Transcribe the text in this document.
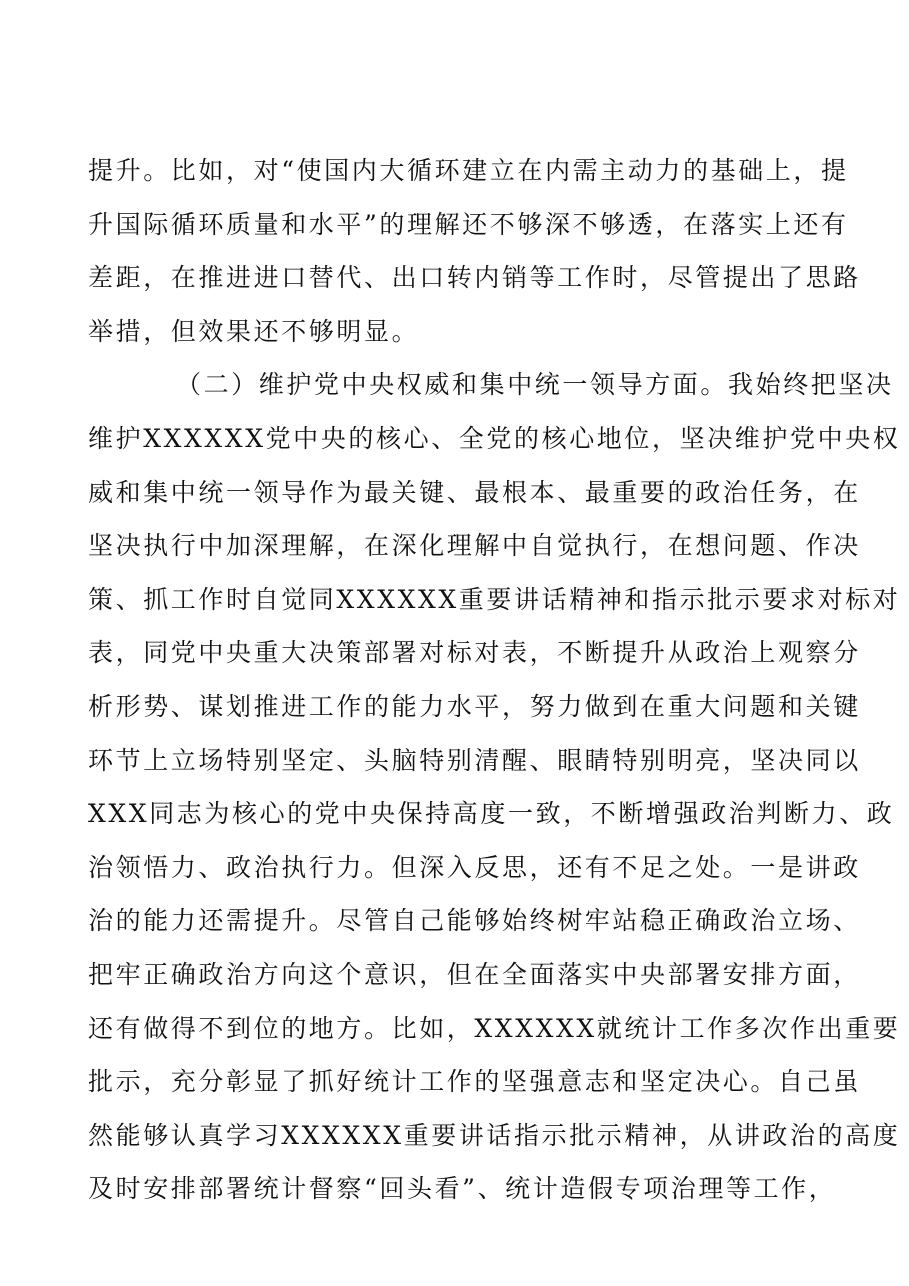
提升。比如，对“使国内大循环建立在内需主动力的基础上，提
升国际循环质量和水平”的理解还不够深不够透，在落实上还有
差距，在推进进口替代、出口转内销等工作时，尽管提出了思路
举措，但效果还不够明显。
（二）维护党中央权威和集中统一领导方面。我始终把坚决
维护XXXXXX党中央的核心、全党的核心地位，坚决维护党中央权
威和集中统一领导作为最关键、最根本、最重要的政治任务，在
坚决执行中加深理解，在深化理解中自觉执行，在想问题、作决
策、抓工作时自觉同XXXXXX重要讲话精神和指示批示要求对标对
表，同党中央重大决策部署对标对表，不断提升从政治上观察分
析形势、谋划推进工作的能力水平，努力做到在重大问题和关键
环节上立场特别坚定、头脑特别清醒、眼睛特别明亮，坚决同以
XXX同志为核心的党中央保持高度一致，不断增强政治判断力、政
治领悟力、政治执行力。但深入反思，还有不足之处。一是讲政
治的能力还需提升。尽管自己能够始终树牢站稳正确政治立场、
把牢正确政治方向这个意识，但在全面落实中央部署安排方面，
还有做得不到位的地方。比如，XXXXXX就统计工作多次作出重要
批示，充分彰显了抓好统计工作的坚强意志和坚定决心。自己虽
然能够认真学习XXXXXX重要讲话指示批示精神，从讲政治的高度
及时安排部署统计督察“回头看”、统计造假专项治理等工作，
